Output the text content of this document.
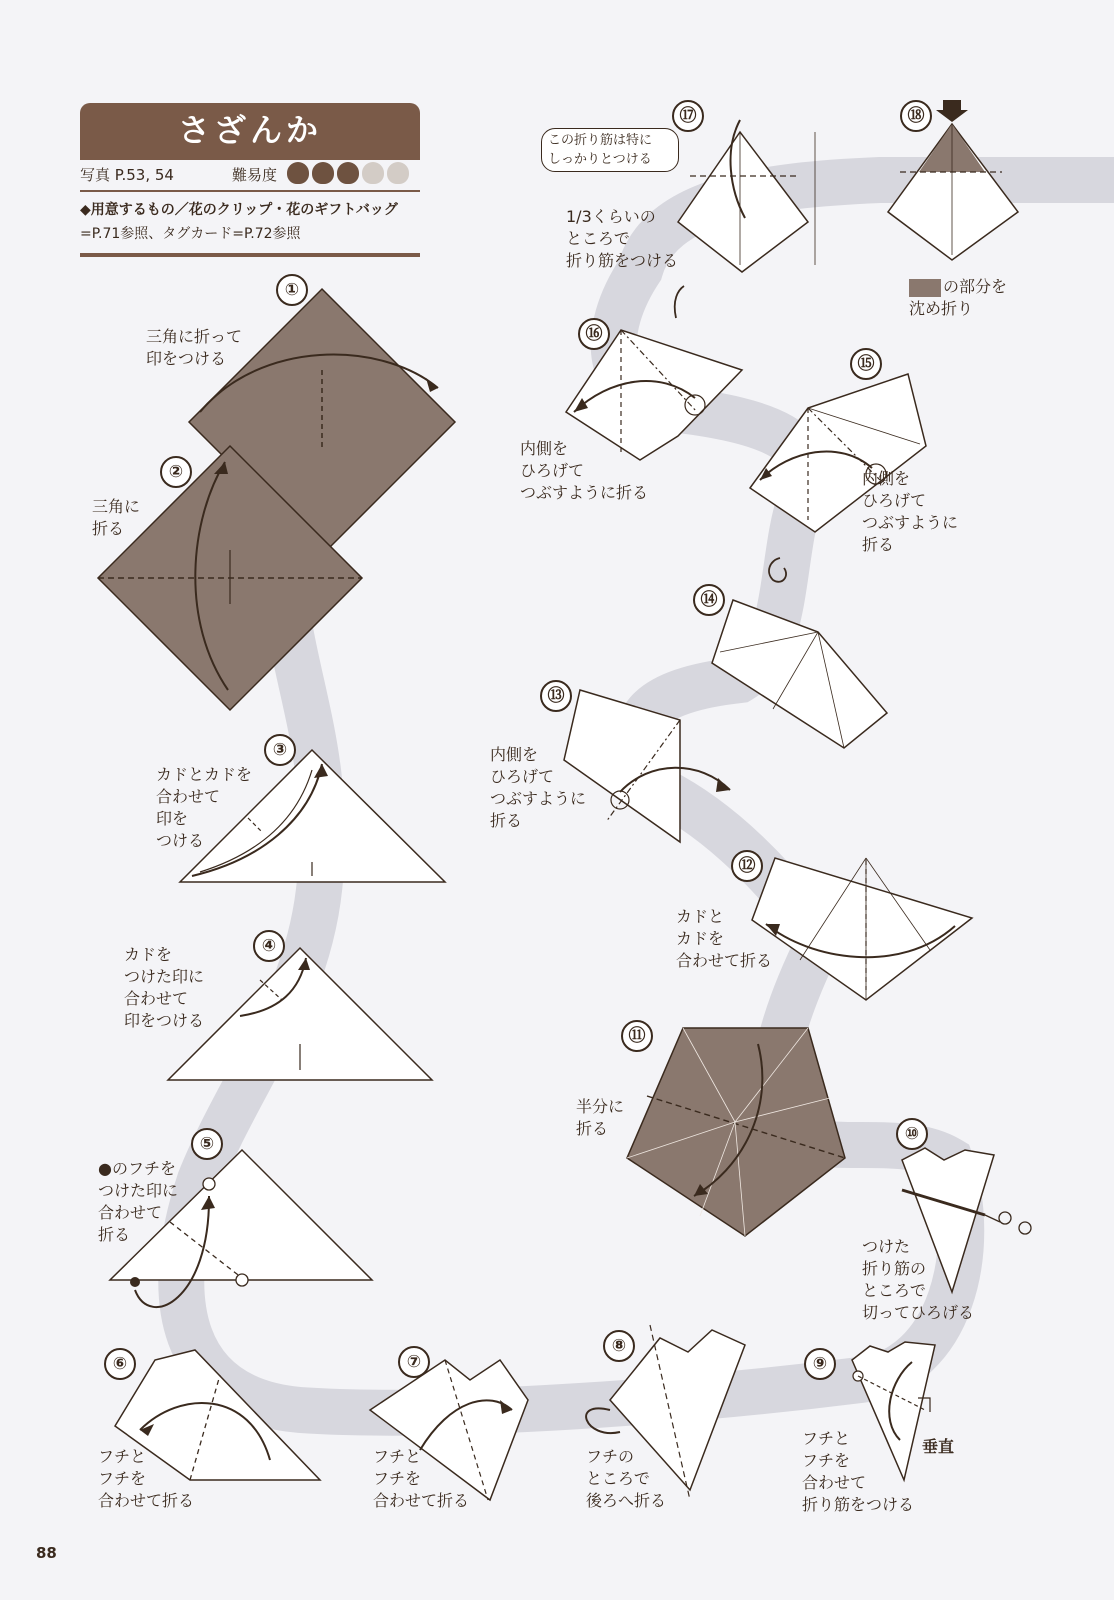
さざんか
写真 P.53, 54	難易度
◆用意するもの／花のクリップ・花のギフトバッグ
=P.71参照、タグカード=P.72参照
①
②
③
④
⑤
⑥	⑦
⑧
⑨
⑩
⑪
⑫
⑬
⑭
⑮
⑯
⑰	⑱
三角に折って
印をつける
三角に
折る
カドとカドを
合わせて
印を
つける
カドを
つけた印に
合わせて
印をつける
●のフチを
つけた印に
合わせて
折る
フチと
フチを
合わせて折る
フチと
フチを
合わせて折る
フチの
ところで
後ろへ折る
フチと
フチを
合わせて
折り筋をつける
垂直
つけた
折り筋の
ところで
切ってひろげる
半分に
折る
カドと
カドを
合わせて折る
内側を
ひろげて
つぶすように
折る
内側を
ひろげて
つぶすように
折る
内側を
ひろげて
つぶすように折る
1/3くらいの
ところで
折り筋をつける
この折り筋は特に
しっかりとつける
の部分を
沈め折り
88
